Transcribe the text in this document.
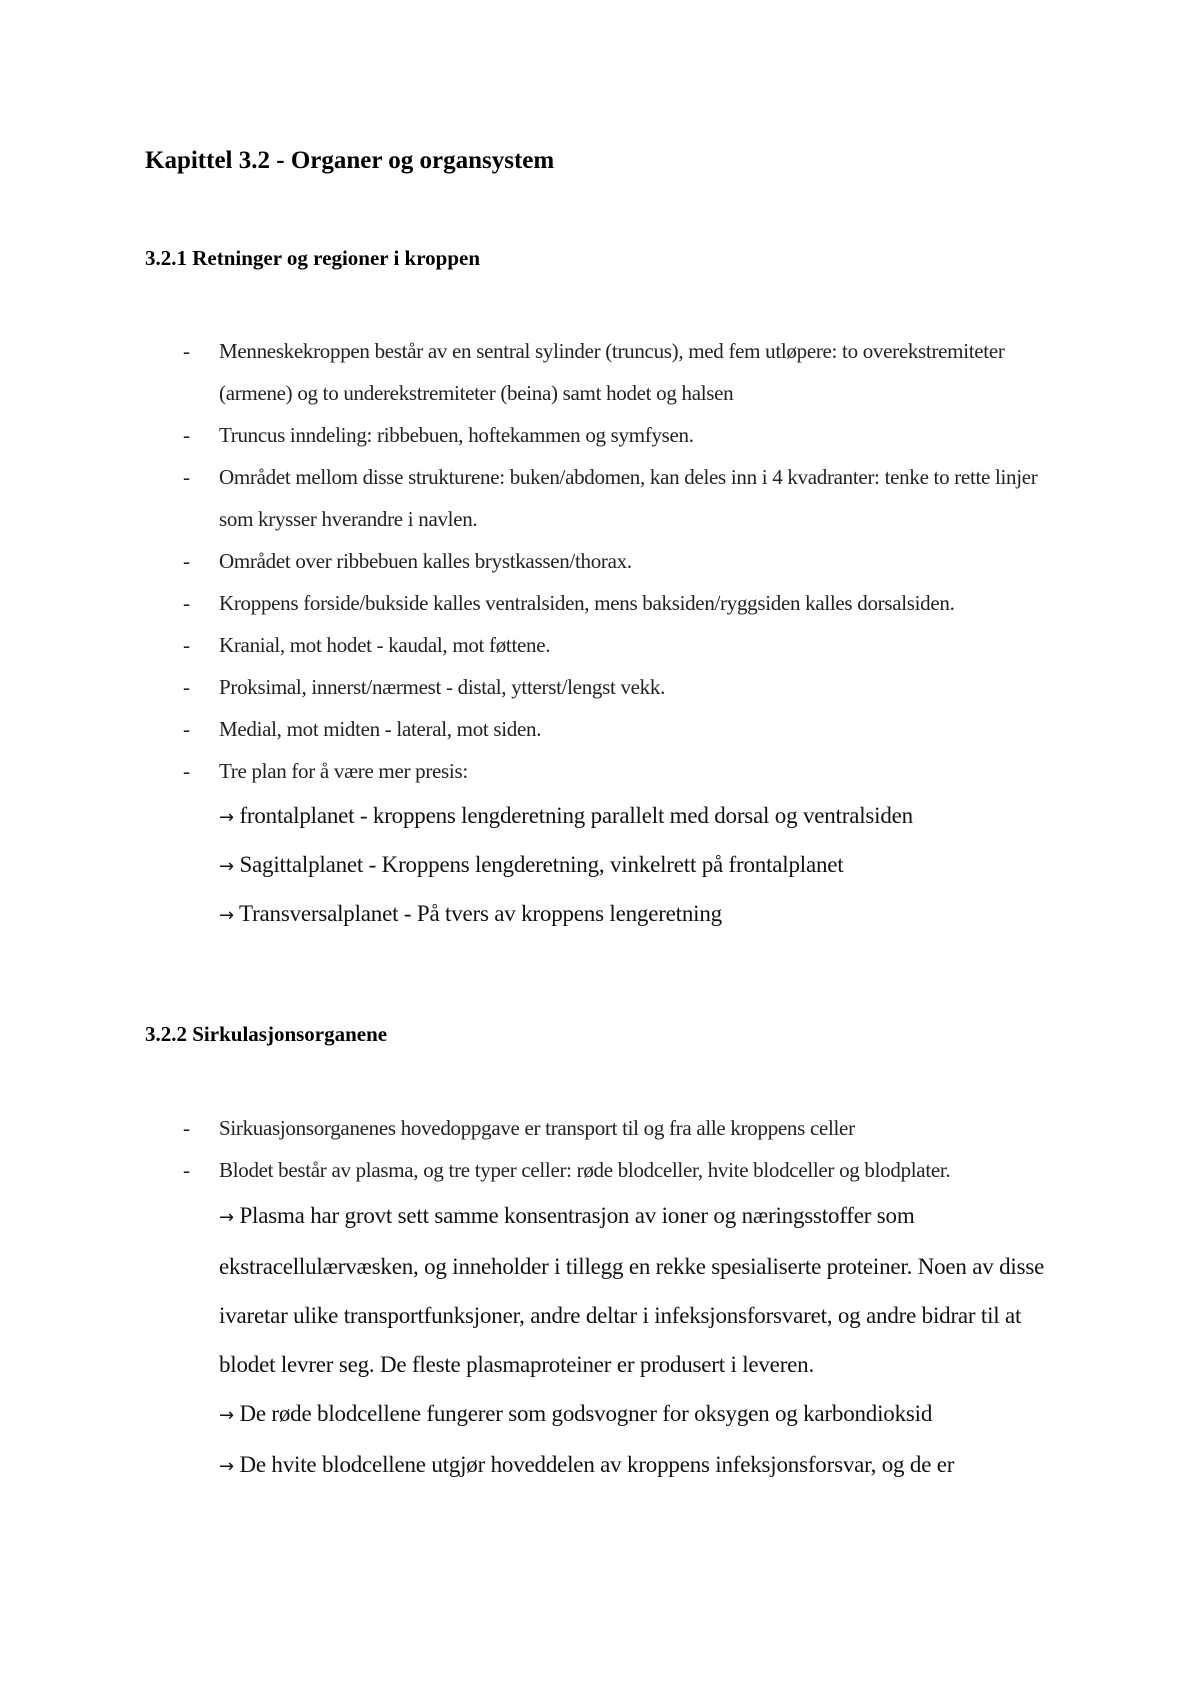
Kapittel 3.2 - Organer og organsystem
3.2.1 Retninger og regioner i kroppen
- Menneskekroppen består av en sentral sylinder (truncus), med fem utløpere: to overekstremiteter (armene) og to underekstremiteter (beina) samt hodet og halsen
- Truncus inndeling: ribbebuen, hoftekammen og symfysen.
- Området mellom disse strukturene: buken/abdomen, kan deles inn i 4 kvadranter: tenke to rette linjer som krysser hverandre i navlen.
- Området over ribbebuen kalles brystkassen/thorax.
- Kroppens forside/bukside kalles ventralsiden, mens baksiden/ryggsiden kalles dorsalsiden.
- Kranial, mot hodet - kaudal, mot føttene.
- Proksimal, innerst/nærmest - distal, ytterst/lengst vekk.
- Medial, mot midten - lateral, mot siden.
- Tre plan for å være mer presis:
→ frontalplanet - kroppens lengderetning parallelt med dorsal og ventralsiden
→ Sagittalplanet - Kroppens lengderetning, vinkelrett på frontalplanet
→ Transversalplanet - På tvers av kroppens lengeretning
3.2.2 Sirkulasjonsorganene
- Sirkuasjonsorganenes hovedoppgave er transport til og fra alle kroppens celler
- Blodet består av plasma, og tre typer celler: røde blodceller, hvite blodceller og blodplater.
→ Plasma har grovt sett samme konsentrasjon av ioner og næringsstoffer som ekstracellulærvæsken, og inneholder i tillegg en rekke spesialiserte proteiner. Noen av disse ivaretar ulike transportfunksjoner, andre deltar i infeksjonsforsvaret, og andre bidrar til at blodet levrer seg. De fleste plasmaproteiner er produsert i leveren.
→ De røde blodcellene fungerer som godsvogner for oksygen og karbondioksid
→ De hvite blodcellene utgjør hoveddelen av kroppens infeksjonsforsvar, og de er
